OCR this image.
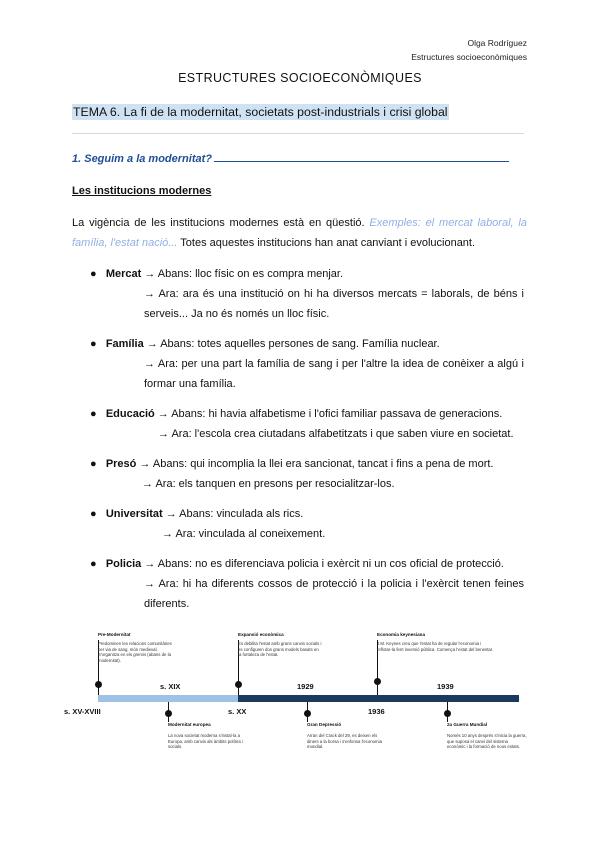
Olga Rodríguez
Estructures socioeconòmiques
ESTRUCTURES SOCIOECONÒMIQUES
TEMA 6. La fi de la modernitat, societats post-industrials i crisi global
1. Seguim a la modernitat?
Les institucions modernes
La vigència de les institucions modernes està en qüestió. Exemples: el mercat laboral, la família, l'estat nació... Totes aquestes institucions han anat canviant i evolucionant.
●   Mercat → Abans: lloc físic on es compra menjar.
→ Ara: ara és una institució on hi ha diversos mercats = laborals, de béns i serveis... Ja no és només un lloc físic.
●   Família → Abans: totes aquelles persones de sang. Família nuclear.
→ Ara: per una part la família de sang i per l'altre la idea de conèixer a algú i formar una família.
●   Educació → Abans: hi havia alfabetisme i l'ofici familiar passava de generacions.
→ Ara: l'escola crea ciutadans alfabetitzats i que saben viure en societat.
●   Presó → Abans: qui incomplia la llei era sancionat, tancat i fins a pena de mort.
→ Ara: els tanquen en presons per resocialitzar-los.
●   Universitat → Abans: vinculada als rics.
→ Ara: vinculada al coneixement.
●   Policia → Abans: no es diferenciava policia i exèrcit ni un cos oficial de protecció.
→ Ara: hi ha diferents cossos de protecció i la policia i l'exèrcit tenen feines diferents.
Pre-Modernitat
Predominen les relacions comunitàries per via de sang, món medieval. S'organitza en els gremis (abans de la modernitat).
Expansió econòmica
Es debilita l'estat amb grans canvis socials i es configuren dos grans models basats en la fortaleza de l'estat.
Economia keynesiana
J.M. Keynes creu que l'estat ha de regular l'economia i reflotar-la fent inversió pública. Comença l'estat del benestar.
Modernitat europea
La nova societat moderna s'instal·la a Europa, amb canvis als àmbits polítics i socials.
Gran Depressió
Arran del Crack del 29, es deixen els diners a la borsa i s'enfonsa l'economia mundial.
2a Guerra Mundial
Només 10 anys després s'inicia la guerra, que suposa el canvi del sistema econòmic i la formació de nous estats.
s. XV-XVIII
s. XIX
s. XX
1929
1936
1939
